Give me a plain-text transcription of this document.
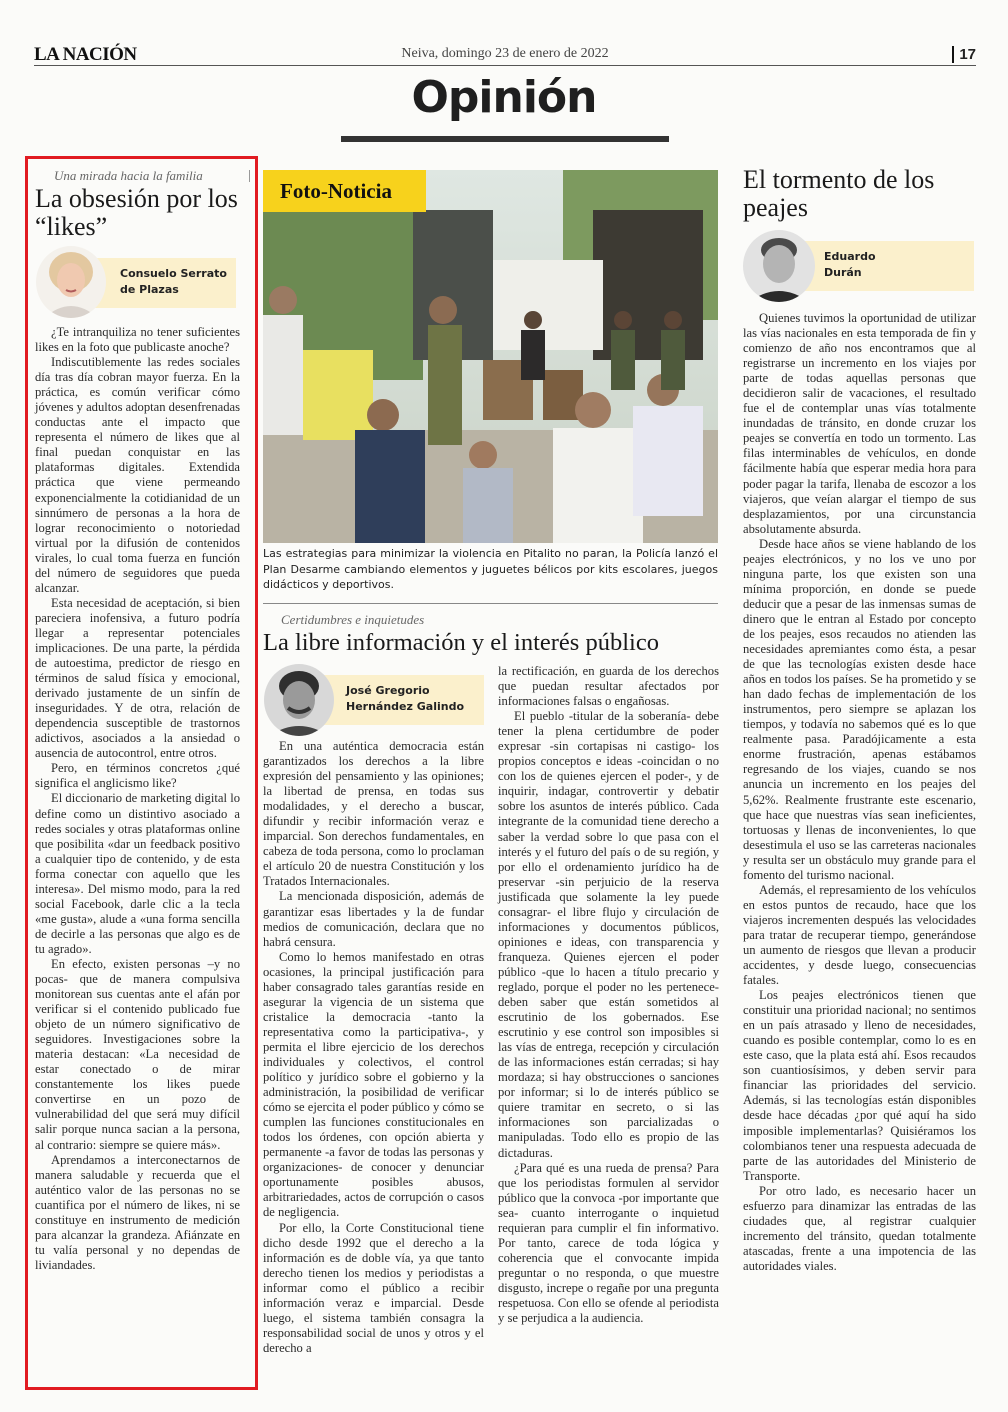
LA NACIÓN	Neiva, domingo 23 de enero de 2022	17
Opinión
Una mirada hacia la familia
La obsesión por los “likes”
Consuelo Serrato
de Plazas

¿Te intranquiliza no tener suficientes likes en la foto que publicaste anoche?

Indiscutiblemente las redes sociales día tras día cobran mayor fuerza. En la práctica, es común verificar cómo jóvenes y adultos adoptan desenfrenadas conductas ante el impacto que representa el número de likes que al final puedan conquistar en las plataformas digitales. Extendida práctica que viene permeando exponencialmente la cotidianidad de un sinnúmero de personas a la hora de lograr reconocimiento o notoriedad virtual por la difusión de contenidos virales, lo cual toma fuerza en función del número de seguidores que pueda alcanzar.

Esta necesidad de aceptación, si bien pareciera inofensiva, a futuro podría llegar a representar potenciales implicaciones. De una parte, la pérdida de autoestima, predictor de riesgo en términos de salud física y emocional, derivado justamente de un sinfín de inseguridades. Y de otra, relación de dependencia susceptible de trastornos adictivos, asociados a la ansiedad o ausencia de autocontrol, entre otros.

Pero, en términos concretos ¿qué significa el anglicismo like?

El diccionario de marketing digital lo define como un distintivo asociado a redes sociales y otras plataformas online que posibilita «dar un feedback positivo a cualquier tipo de contenido, y de esta forma conectar con aquello que les interesa». Del mismo modo, para la red social Facebook, darle clic a la tecla «me gusta», alude a «una forma sencilla de decirle a las personas que algo es de tu agrado».

En efecto, existen personas –y no pocas- que de manera compulsiva monitorean sus cuentas ante el afán por verificar si el contenido publicado fue objeto de un número significativo de seguidores. Investigaciones sobre la materia destacan: «La necesidad de estar conectado o de mirar constantemente los likes puede convertirse en un pozo de vulnerabilidad del que será muy difícil salir porque nunca sacian a la persona, al contrario: siempre se quiere más».

Aprendamos a interconectarnos de manera saludable y recuerda que el auténtico valor de las personas no se cuantifica por el número de likes, ni se constituye en instrumento de medición para alcanzar la grandeza. Afiánzate en tu valía personal y no dependas de liviandades.

Foto-Noticia
Las estrategias para minimizar la violencia en Pitalito no paran, la Policía lanzó el Plan Desarme cambiando elementos y juguetes bélicos por kits escolares, juegos didácticos y deportivos.
Certidumbres e inquietudes
La libre información y el interés público
José Gregorio
Hernández Galindo

En una auténtica democracia están garantizados los derechos a la libre expresión del pensamiento y las opiniones; la libertad de prensa, en todas sus modalidades, y el derecho a buscar, difundir y recibir información veraz e imparcial. Son derechos fundamentales, en cabeza de toda persona, como lo proclaman el artículo 20 de nuestra Constitución y los Tratados Internacionales.

La mencionada disposición, además de garantizar esas libertades y la de fundar medios de comunicación, declara que no habrá censura.

Como lo hemos manifestado en otras ocasiones, la principal justificación para haber consagrado tales garantías reside en asegurar la vigencia de un sistema que cristalice la democracia -tanto la representativa como la participativa-, y permita el libre ejercicio de los derechos individuales y colectivos, el control político y jurídico sobre el gobierno y la administración, la posibilidad de verificar cómo se ejercita el poder público y cómo se cumplen las funciones constitucionales en todos los órdenes, con opción abierta y permanente -a favor de todas las personas y organizaciones- de conocer y denunciar oportunamente posibles abusos, arbitrariedades, actos de corrupción o casos de negligencia.

Por ello, la Corte Constitucional tiene dicho desde 1992 que el derecho a la información es de doble vía, ya que tanto derecho tienen los medios y periodistas a informar como el público a recibir información veraz e imparcial. Desde luego, el sistema también consagra la responsabilidad social de unos y otros y el derecho a

la rectificación, en guarda de los derechos que puedan resultar afectados por informaciones falsas o engañosas.

El pueblo -titular de la soberanía- debe tener la plena certidumbre de poder expresar -sin cortapisas ni castigo- los propios conceptos e ideas -coincidan o no con los de quienes ejercen el poder-, y de inquirir, indagar, controvertir y debatir sobre los asuntos de interés público. Cada integrante de la comunidad tiene derecho a saber la verdad sobre lo que pasa con el interés y el futuro del país o de su región, y por ello el ordenamiento jurídico ha de preservar -sin perjuicio de la reserva justificada que solamente la ley puede consagrar- el libre flujo y circulación de informaciones y documentos públicos, opiniones e ideas, con transparencia y franqueza. Quienes ejercen el poder público -que lo hacen a título precario y reglado, porque el poder no les pertenece- deben saber que están sometidos al escrutinio de los gobernados. Ese escrutinio y ese control son imposibles si las vías de entrega, recepción y circulación de las informaciones están cerradas; si hay mordaza; si hay obstrucciones o sanciones por informar; si lo de interés público se quiere tramitar en secreto, o si las informaciones son parcializadas o manipuladas. Todo ello es propio de las dictaduras.

¿Para qué es una rueda de prensa? Para que los periodistas formulen al servidor público que la convoca -por importante que sea- cuanto interrogante o inquietud requieran para cumplir el fin informativo. Por tanto, carece de toda lógica y coherencia que el convocante impida preguntar o no responda, o que muestre disgusto, increpe o regañe por una pregunta respetuosa. Con ello se ofende al periodista y se perjudica a la audiencia.

El tormento de los peajes
Eduardo
Durán

Quienes tuvimos la oportunidad de utilizar las vías nacionales en esta temporada de fin y comienzo de año nos encontramos que al registrarse un incremento en los viajes por parte de todas aquellas personas que decidieron salir de vacaciones, el resultado fue el de contemplar unas vías totalmente inundadas de tránsito, en donde cruzar los peajes se convertía en todo un tormento. Las filas interminables de vehículos, en donde fácilmente había que esperar media hora para poder pagar la tarifa, llenaba de escozor a los viajeros, que veían alargar el tiempo de sus desplazamientos, por una circunstancia absolutamente absurda.

Desde hace años se viene hablando de los peajes electrónicos, y no los ve uno por ninguna parte, los que existen son una mínima proporción, en donde se puede deducir que a pesar de las inmensas sumas de dinero que le entran al Estado por concepto de los peajes, esos recaudos no atienden las necesidades apremiantes como ésta, a pesar de que las tecnologías existen desde hace años en todos los países. Se ha prometido y se han dado fechas de implementación de los instrumentos, pero siempre se aplazan los tiempos, y todavía no sabemos qué es lo que realmente pasa. Paradójicamente a esta enorme frustración, apenas estábamos regresando de los viajes, cuando se nos anuncia un incremento en los peajes del 5,62%. Realmente frustrante este escenario, que hace que nuestras vías sean ineficientes, tortuosas y llenas de inconvenientes, lo que desestimula el uso se las carreteras nacionales y resulta ser un obstáculo muy grande para el fomento del turismo nacional.

Además, el represamiento de los vehículos en estos puntos de recaudo, hace que los viajeros incrementen después las velocidades para tratar de recuperar tiempo, generándose un aumento de riesgos que llevan a producir accidentes, y desde luego, consecuencias fatales.

Los peajes electrónicos tienen que constituir una prioridad nacional; no sentimos en un país atrasado y lleno de necesidades, cuando es posible contemplar, como lo es en este caso, que la plata está ahí. Esos recaudos son cuantiosísimos, y deben servir para financiar las prioridades del servicio. Además, si las tecnologías están disponibles desde hace décadas ¿por qué aquí ha sido imposible implementarlas? Quisiéramos los colombianos tener una respuesta adecuada de parte de las autoridades del Ministerio de Transporte.

Por otro lado, es necesario hacer un esfuerzo para dinamizar las entradas de las ciudades que, al registrar cualquier incremento del tránsito, quedan totalmente atascadas, frente a una impotencia de las autoridades viales.
